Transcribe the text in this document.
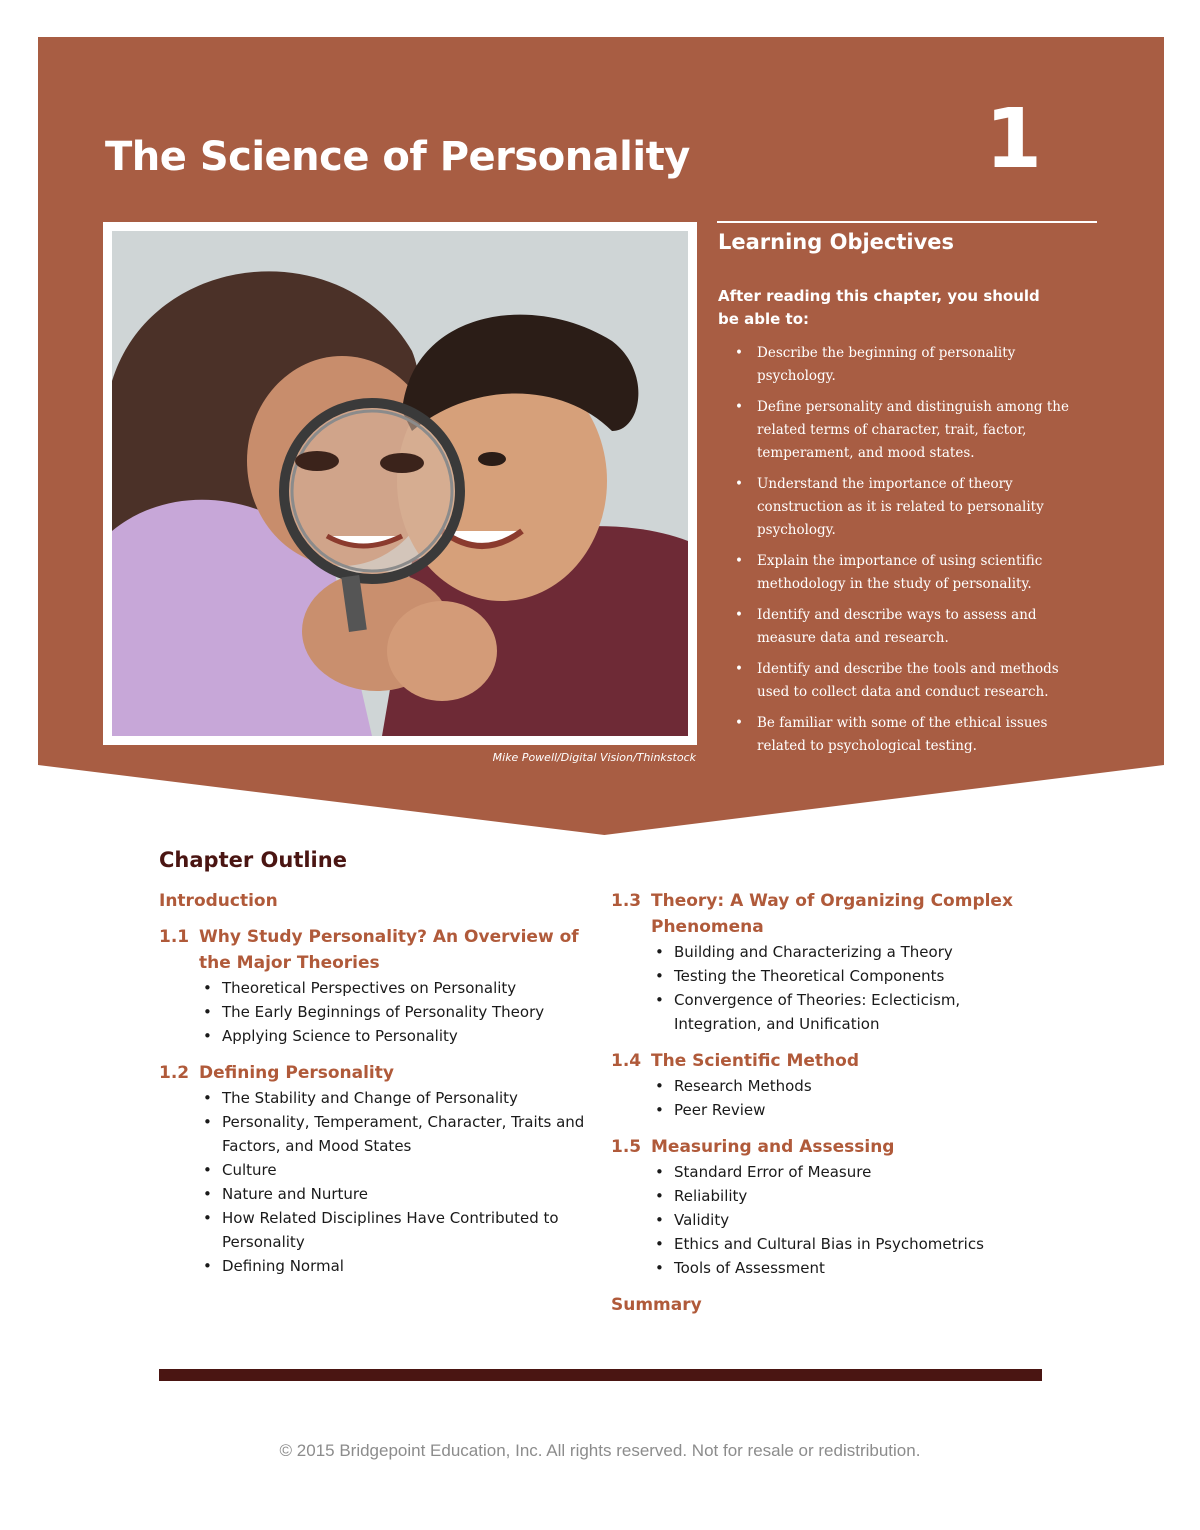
The Science of Personality	1
Mike Powell/Digital Vision/Thinkstock
Learning Objectives

After reading this chapter, you should be able to:

• Describe the beginning of personality psychology.
• Define personality and distinguish among the related terms of character, trait, factor, temperament, and mood states.
• Understand the importance of theory construction as it is related to personality psychology.
• Explain the importance of using scientific methodology in the study of personality.
• Identify and describe ways to assess and measure data and research.
• Identify and describe the tools and methods used to collect data and conduct research.
• Be familiar with some of the ethical issues related to psychological testing.
Chapter Outline
Introduction
1.1 Why Study Personality? An Overview of the Major Theories
• Theoretical Perspectives on Personality
• The Early Beginnings of Personality Theory
• Applying Science to Personality
1.2 Defining Personality
• The Stability and Change of Personality
• Personality, Temperament, Character, Traits and Factors, and Mood States
• Culture
• Nature and Nurture
• How Related Disciplines Have Contributed to Personality
• Defining Normal
1.3 Theory: A Way of Organizing Complex Phenomena
• Building and Characterizing a Theory
• Testing the Theoretical Components
• Convergence of Theories: Eclecticism, Integration, and Unification
1.4 The Scientific Method
• Research Methods
• Peer Review
1.5 Measuring and Assessing
• Standard Error of Measure
• Reliability
• Validity
• Ethics and Cultural Bias in Psychometrics
• Tools of Assessment
Summary
© 2015 Bridgepoint Education, Inc. All rights reserved. Not for resale or redistribution.
